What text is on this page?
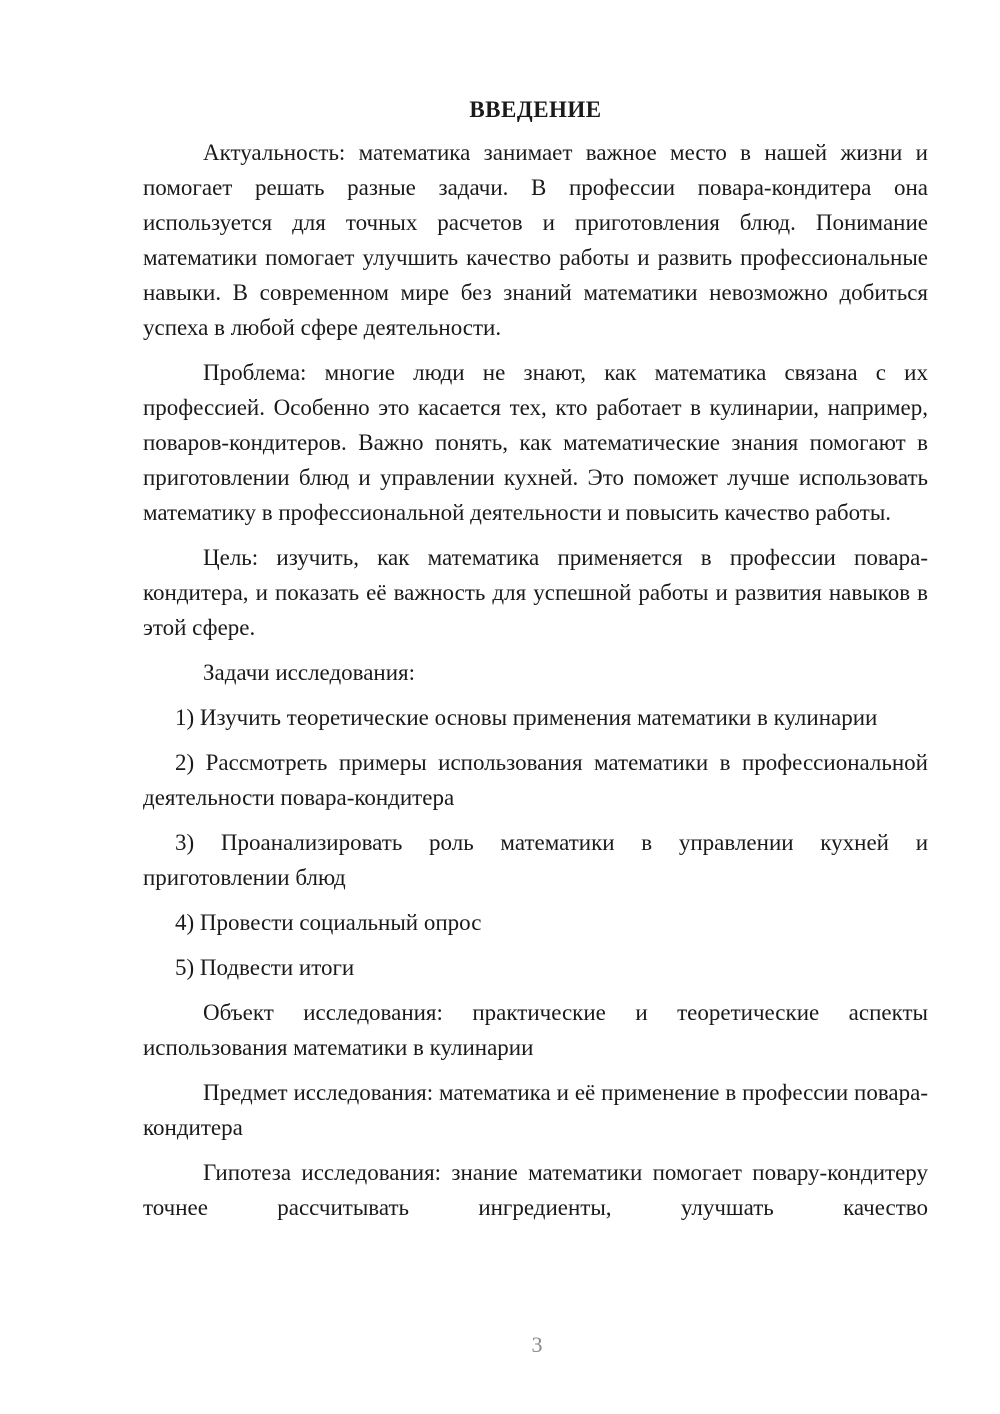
ВВЕДЕНИЕ

Актуальность: математика занимает важное место в нашей жизни и помогает решать разные задачи. В профессии повара-кондитера она используется для точных расчетов и приготовления блюд. Понимание математики помогает улучшить качество работы и развить профессиональные навыки. В современном мире без знаний математики невозможно добиться успеха в любой сфере деятельности.

Проблема: многие люди не знают, как математика связана с их профессией. Особенно это касается тех, кто работает в кулинарии, например, поваров-кондитеров. Важно понять, как математические знания помогают в приготовлении блюд и управлении кухней. Это поможет лучше использовать математику в профессиональной деятельности и повысить качество работы.

Цель: изучить, как математика применяется в профессии повара-кондитера, и показать её важность для успешной работы и развития навыков в этой сфере.

Задачи исследования:

1) Изучить теоретические основы применения математики в кулинарии
2) Рассмотреть примеры использования математики в профессиональной деятельности повара-кондитера
3) Проанализировать роль математики в управлении кухней и приготовлении блюд
4) Провести социальный опрос
5) Подвести итоги

Объект исследования: практические и теоретические аспекты использования математики в кулинарии

Предмет исследования: математика и её применение в профессии повара-кондитера

Гипотеза исследования: знание математики помогает повару-кондитеру точнее рассчитывать ингредиенты, улучшать качество

3
